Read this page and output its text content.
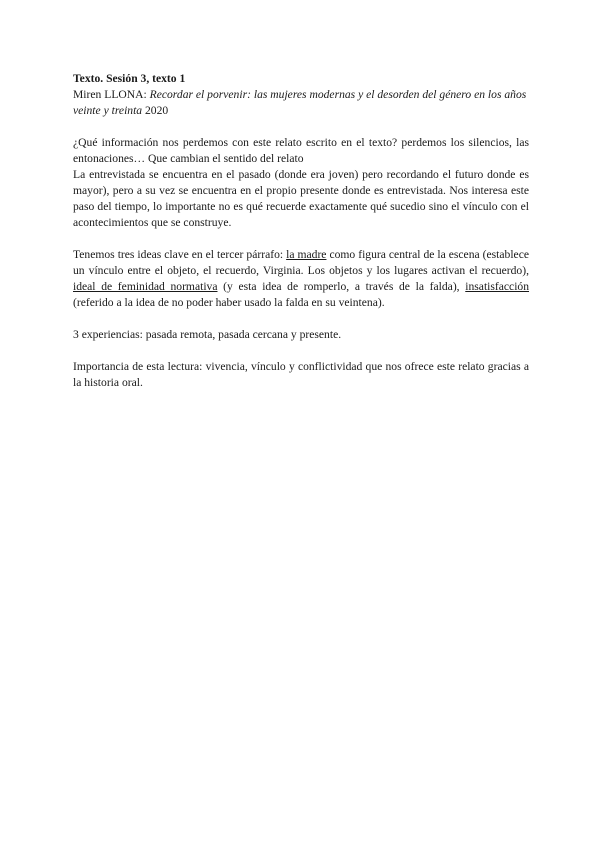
Texto. Sesión 3, texto 1

Miren LLONA: Recordar el porvenir: las mujeres modernas y el desorden del género en los años veinte y treinta 2020

¿Qué información nos perdemos con este relato escrito en el texto? perdemos los silencios, las entonaciones… Que cambian el sentido del relato

La entrevistada se encuentra en el pasado (donde era joven) pero recordando el futuro donde es mayor), pero a su vez se encuentra en el propio presente donde es entrevistada. Nos interesa este paso del tiempo, lo importante no es qué recuerde exactamente qué sucedio sino el vínculo con el acontecimientos que se construye.

Tenemos tres ideas clave en el tercer párrafo: la madre como figura central de la escena (establece un vínculo entre el objeto, el recuerdo, Virginia. Los objetos y los lugares activan el recuerdo), ideal de feminidad normativa (y esta idea de romperlo, a través de la falda), insatisfacción (referido a la idea de no poder haber usado la falda en su veintena).

3 experiencias: pasada remota, pasada cercana y presente.

Importancia de esta lectura: vivencia, vínculo y conflictividad que nos ofrece este relato gracias a la historia oral.
